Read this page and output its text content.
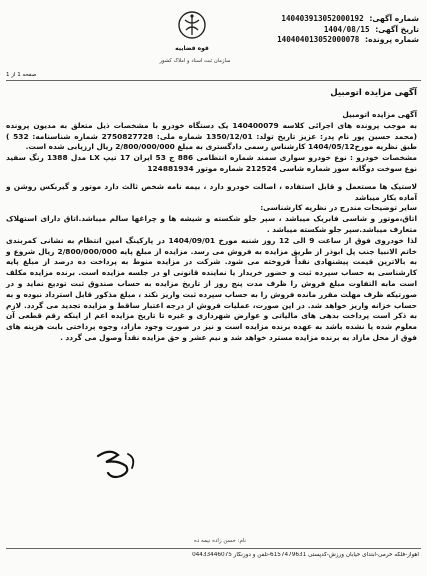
شماره آگهی: 140403913052000192
تاریخ آگهی: 1404/08/15
شماره پرونده: 140404013052000078
قوه قضاییه
سازمان ثبت اسناد و املاک کشور
صفحه 1 از 1
آگهی مزایده اتومبیل

آگهی مزایده اتومبیل

به موجب پرونده های اجرائی کلاسه 140400079 یک دستگاه خودرو با مشخصات ذیل متعلق به مدیون پرونده (محمد حسین پور نام پدر: عزیز تاریخ تولد: 1350/12/01 شماره ملی: 2750827728 شماره شناسنامه: 532 ) طبق نظریه مورخ1404/05/12 کارشناس رسمی دادگستری به مبلغ 2/800/000/000 ریال ارزیابی شده است.

مشخصات خودرو : نوع خودرو سواری سمند شماره انتظامی 886 ج 53 ایران 17 تیپ LX مدل 1388 رنگ سفید نوع سوخت دوگانه سوز شماره شاسی 212524 شماره موتور 124881934

لاستیک ها مستعمل و قابل استفاده ، اصالت خودرو دارد ، بیمه نامه شخص ثالث دارد موتور و گیربکس روشن و آماده بکار میباشد

سایر توضیحات مندرج در نظریه کارشناسی:

اتاق،موتور و شاسی فابریک میباشد ، سپر جلو شکسته و شیشه ها و چراغها سالم میباشد.اتاق دارای استهلاک متعارف میباشد.سپر جلو شکسته میباشد .

لذا خودروی فوق از ساعت 9 الی 12 روز شنبه مورخ 1404/09/01 در پارکینگ امین انتظام به نشانی کمربندی خاتم الانبیا جنب پل ابوذر از طریق مزایده به فروش می رسد. مزایده از مبلغ پایه 2/800/000/000 ریال شروع و به بالاترین قیمت پیشنهادی نقداً فروخته می شود. شرکت در مزایده منوط به پرداخت ده درصد از مبلغ پایه کارشناسی به حساب سپرده ثبت و حضور خریدار یا نماینده قانونی او در جلسه مزایده است. برنده مزایده مکلف است مابه التفاوت مبلغ فروش را ظرف مدت پنج روز از تاریخ مزایده به حساب صندوق ثبت تودیع نماید و در صورتیکه ظرف مهلت مقرر مانده فروش را به حساب سپرده ثبت واریز نکند ، مبلغ مذکور قابل استرداد نبوده و به حساب خزانه واریز خواهد شد. در این صورت، عملیات فروش از درجه اعتبار ساقط و مزایده تجدید می گردد. لازم به ذکر است پرداخت بدهی های مالیاتی و عوارض شهرداری و غیره تا تاریخ مزایده اعم از اینکه رقم قطعی آن معلوم شده یا نشده باشد به عهده برنده مزایده است و نیز در صورت وجود مازاد، وجوه پرداختی بابت هزینه های فوق از محل مازاد به برنده مزایده مسترد خواهد شد و نیم عشر و حق مزایده نقداً وصول می گردد .

نام: حسن زاده نیمه ده
اهواز-فلکه خرمی-ابتدای خیابان ورزش-کدپستی 6157479631-تلفن و دورنگار 04433446075
